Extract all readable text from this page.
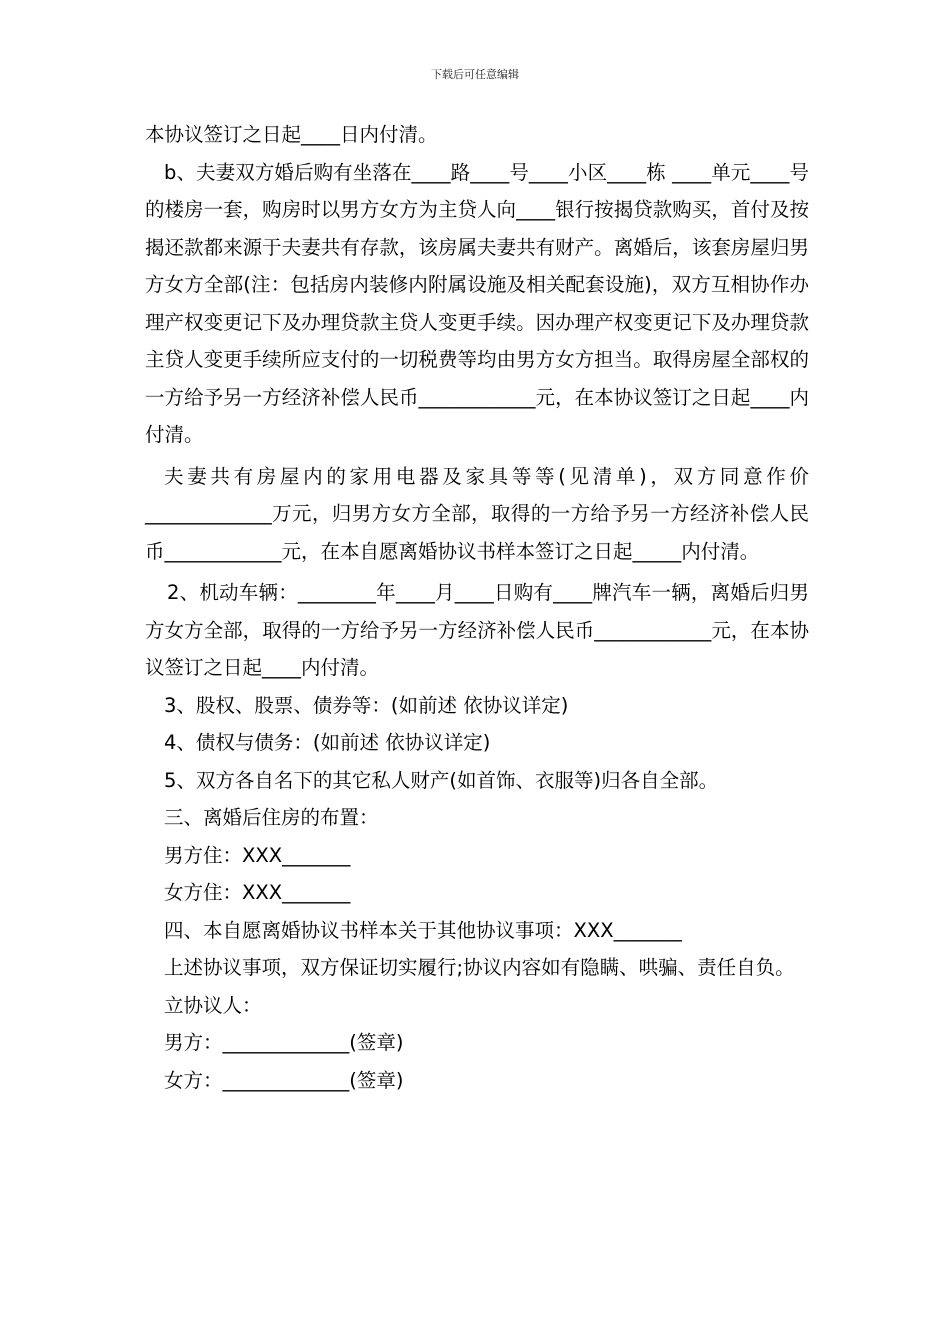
下载后可任意编辑
本协议签订之日起____日内付清。
b、夫妻双方婚后购有坐落在____路____号____小区____栋 ____单元____号的楼房一套，购房时以男方女方为主贷人向____银行按揭贷款购买，首付及按揭还款都来源于夫妻共有存款，该房属夫妻共有财产。离婚后，该套房屋归男方女方全部(注：包括房内装修内附属设施及相关配套设施)，双方互相协作办理产权变更记下及办理贷款主贷人变更手续。因办理产权变更记下及办理贷款主贷人变更手续所应支付的一切税费等均由男方女方担当。取得房屋全部权的一方给予另一方经济补偿人民币____________元，在本协议签订之日起____内付清。
夫妻共有房屋内的家用电器及家具等等(见清单)，双方同意作价_____________万元，归男方女方全部，取得的一方给予另一方经济补偿人民币____________元，在本自愿离婚协议书样本签订之日起_____内付清。
2、机动车辆：________年____月____日购有____牌汽车一辆，离婚后归男方女方全部，取得的一方给予另一方经济补偿人民币____________元，在本协议签订之日起____内付清。
3、股权、股票、债券等：(如前述 依协议详定)
4、债权与债务：(如前述 依协议详定)
5、双方各自名下的其它私人财产(如首饰、衣服等)归各自全部。
三、离婚后住房的布置：
男方住：XXX_______
女方住：XXX_______
四、本自愿离婚协议书样本关于其他协议事项：XXX_______
上述协议事项，双方保证切实履行;协议内容如有隐瞒、哄骗、责任自负。
立协议人：
男方：_____________(签章)
女方：_____________(签章)
